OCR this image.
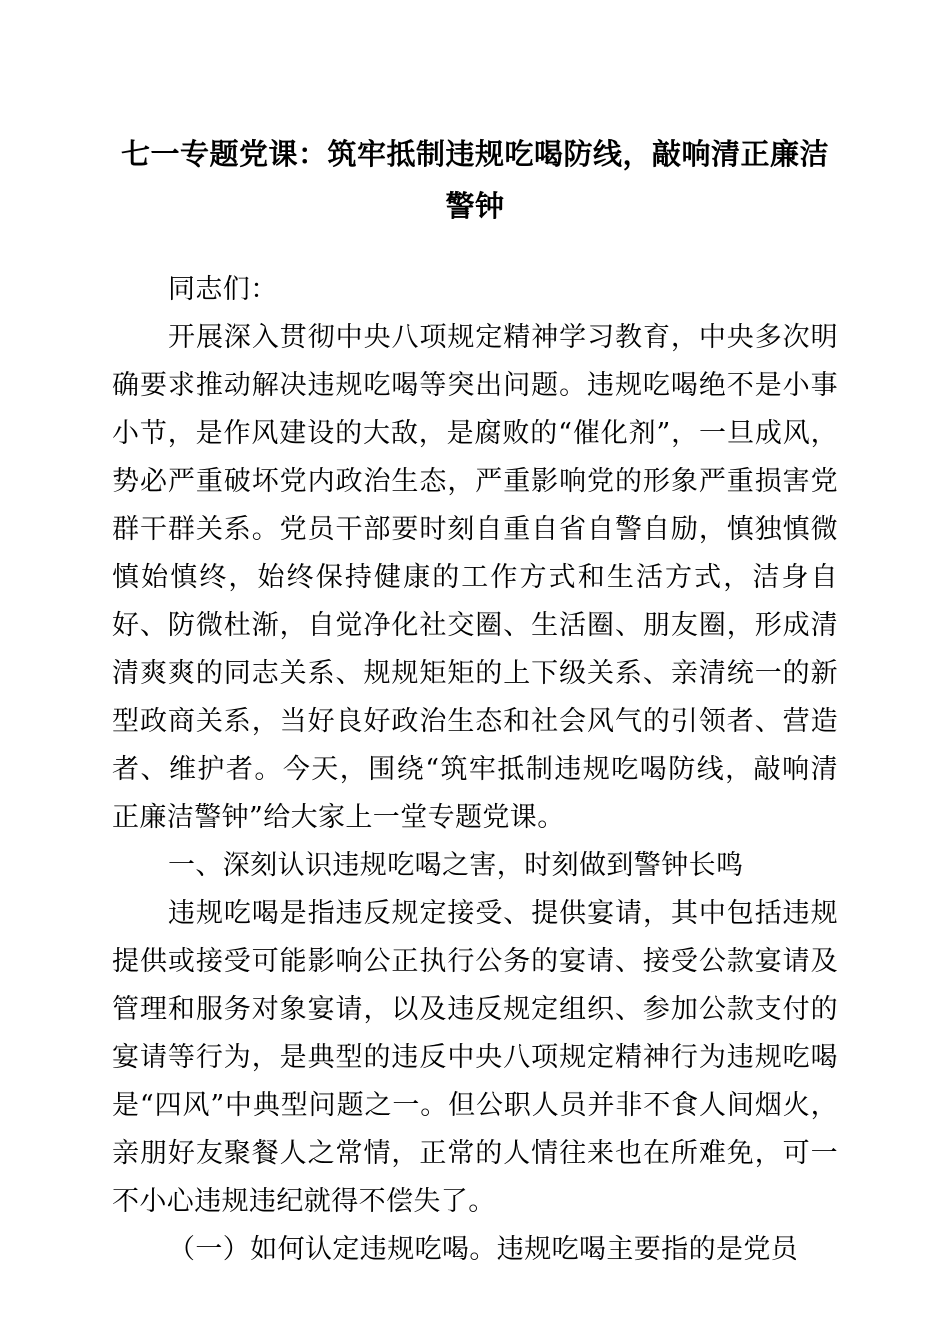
七一专题党课：筑牢抵制违规吃喝防线，敲响清正廉洁警钟

同志们：

开展深入贯彻中央八项规定精神学习教育，中央多次明确要求推动解决违规吃喝等突出问题。违规吃喝绝不是小事小节，是作风建设的大敌，是腐败的“催化剂”，一旦成风，势必严重破坏党内政治生态，严重影响党的形象严重损害党群干群关系。党员干部要时刻自重自省自警自励，慎独慎微慎始慎终，始终保持健康的工作方式和生活方式，洁身自好、防微杜渐，自觉净化社交圈、生活圈、朋友圈，形成清清爽爽的同志关系、规规矩矩的上下级关系、亲清统一的新型政商关系，当好良好政治生态和社会风气的引领者、营造者、维护者。今天，围绕“筑牢抵制违规吃喝防线，敲响清正廉洁警钟”给大家上一堂专题党课。

一、深刻认识违规吃喝之害，时刻做到警钟长鸣

违规吃喝是指违反规定接受、提供宴请，其中包括违规提供或接受可能影响公正执行公务的宴请、接受公款宴请及管理和服务对象宴请，以及违反规定组织、参加公款支付的宴请等行为，是典型的违反中央八项规定精神行为违规吃喝是“四风”中典型问题之一。但公职人员并非不食人间烟火，亲朋好友聚餐人之常情，正常的人情往来也在所难免，可一不小心违规违纪就得不偿失了。

（一）如何认定违规吃喝。违规吃喝主要指的是党员
